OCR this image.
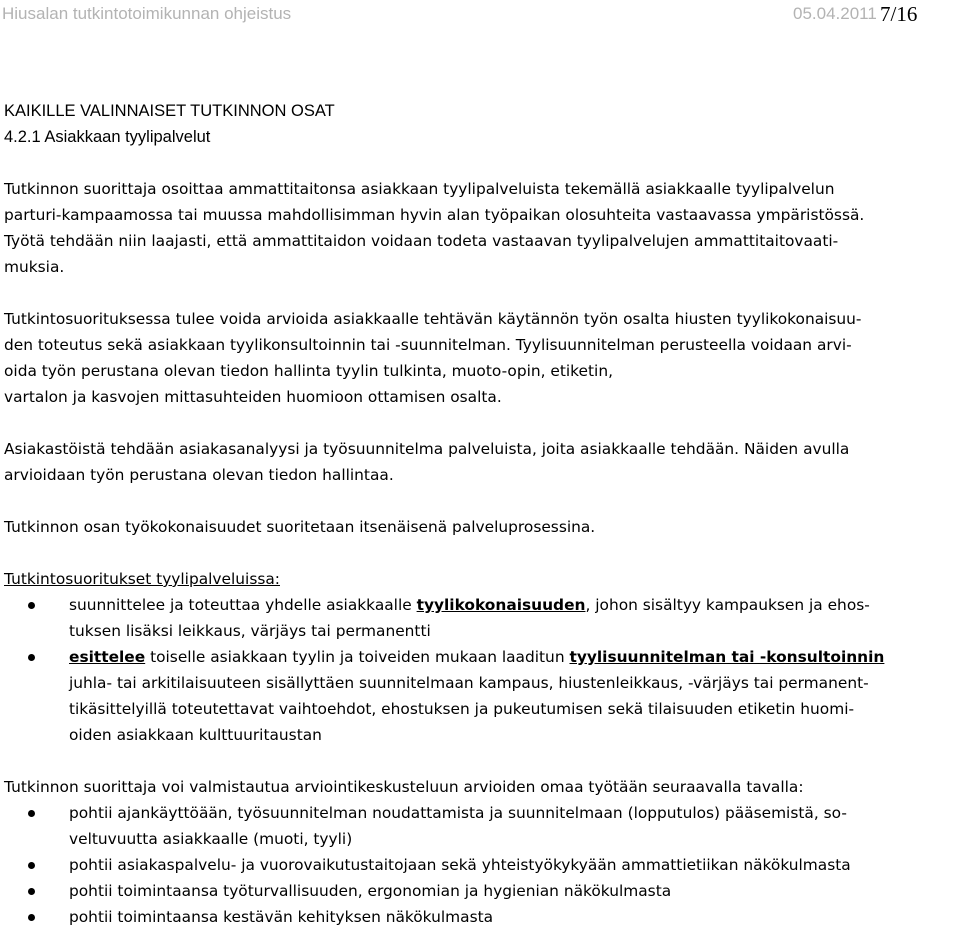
Hiusalan tutkintotoimikunnan ohjeistus	05.04.2011 7/16
KAIKILLE VALINNAISET TUTKINNON OSAT
4.2.1 Asiakkaan tyylipalvelut

Tutkinnon suorittaja osoittaa ammattitaitonsa asiakkaan tyylipalveluista tekemällä asiakkaalle tyylipalvelun
parturi-kampaamossa tai muussa mahdollisimman hyvin alan työpaikan olosuhteita vastaavassa ympäristössä.
Työtä tehdään niin laajasti, että ammattitaidon voidaan todeta vastaavan tyylipalvelujen ammattitaitovaati-
muksia.

Tutkintosuorituksessa tulee voida arvioida asiakkaalle tehtävän käytännön työn osalta hiusten tyylikokonaisuu-
den toteutus sekä asiakkaan tyylikonsultoinnin tai -suunnitelman. Tyylisuunnitelman perusteella voidaan arvi-
oida työn perustana olevan tiedon hallinta tyylin tulkinta, muoto-opin, etiketin,
vartalon ja kasvojen mittasuhteiden huomioon ottamisen osalta.

Asiakastöistä tehdään asiakasanalyysi ja työsuunnitelma palveluista, joita asiakkaalle tehdään. Näiden avulla
arvioidaan työn perustana olevan tiedon hallintaa.

Tutkinnon osan työkokonaisuudet suoritetaan itsenäisenä palveluprosessina.

Tutkintosuoritukset tyylipalveluissa:
suunnittelee ja toteuttaa yhdelle asiakkaalle tyylikokonaisuuden, johon sisältyy kampauksen ja ehos-
tuksen lisäksi leikkaus, värjäys tai permanentti
esittelee toiselle asiakkaan tyylin ja toiveiden mukaan laaditun tyylisuunnitelman tai -konsultoinnin
juhla- tai arkitilaisuuteen sisällyttäen suunnitelmaan kampaus, hiustenleikkaus, -värjäys tai permanent-
tikäsittelyillä toteutettavat vaihtoehdot, ehostuksen ja pukeutumisen sekä tilaisuuden etiketin huomi-
oiden asiakkaan kulttuuritaustan
Tutkinnon suorittaja voi valmistautua arviointikeskusteluun arvioiden omaa työtään seuraavalla tavalla:
pohtii ajankäyttöään, työsuunnitelman noudattamista ja suunnitelmaan (lopputulos) pääsemistä, so-
veltuvuutta asiakkaalle (muoti, tyyli)
pohtii asiakaspalvelu- ja vuorovaikutustaitojaan sekä yhteistyökykyään ammattietiikan näkökulmasta
pohtii toimintaansa työturvallisuuden, ergonomian ja hygienian näkökulmasta
pohtii toimintaansa kestävän kehityksen näkökulmasta
